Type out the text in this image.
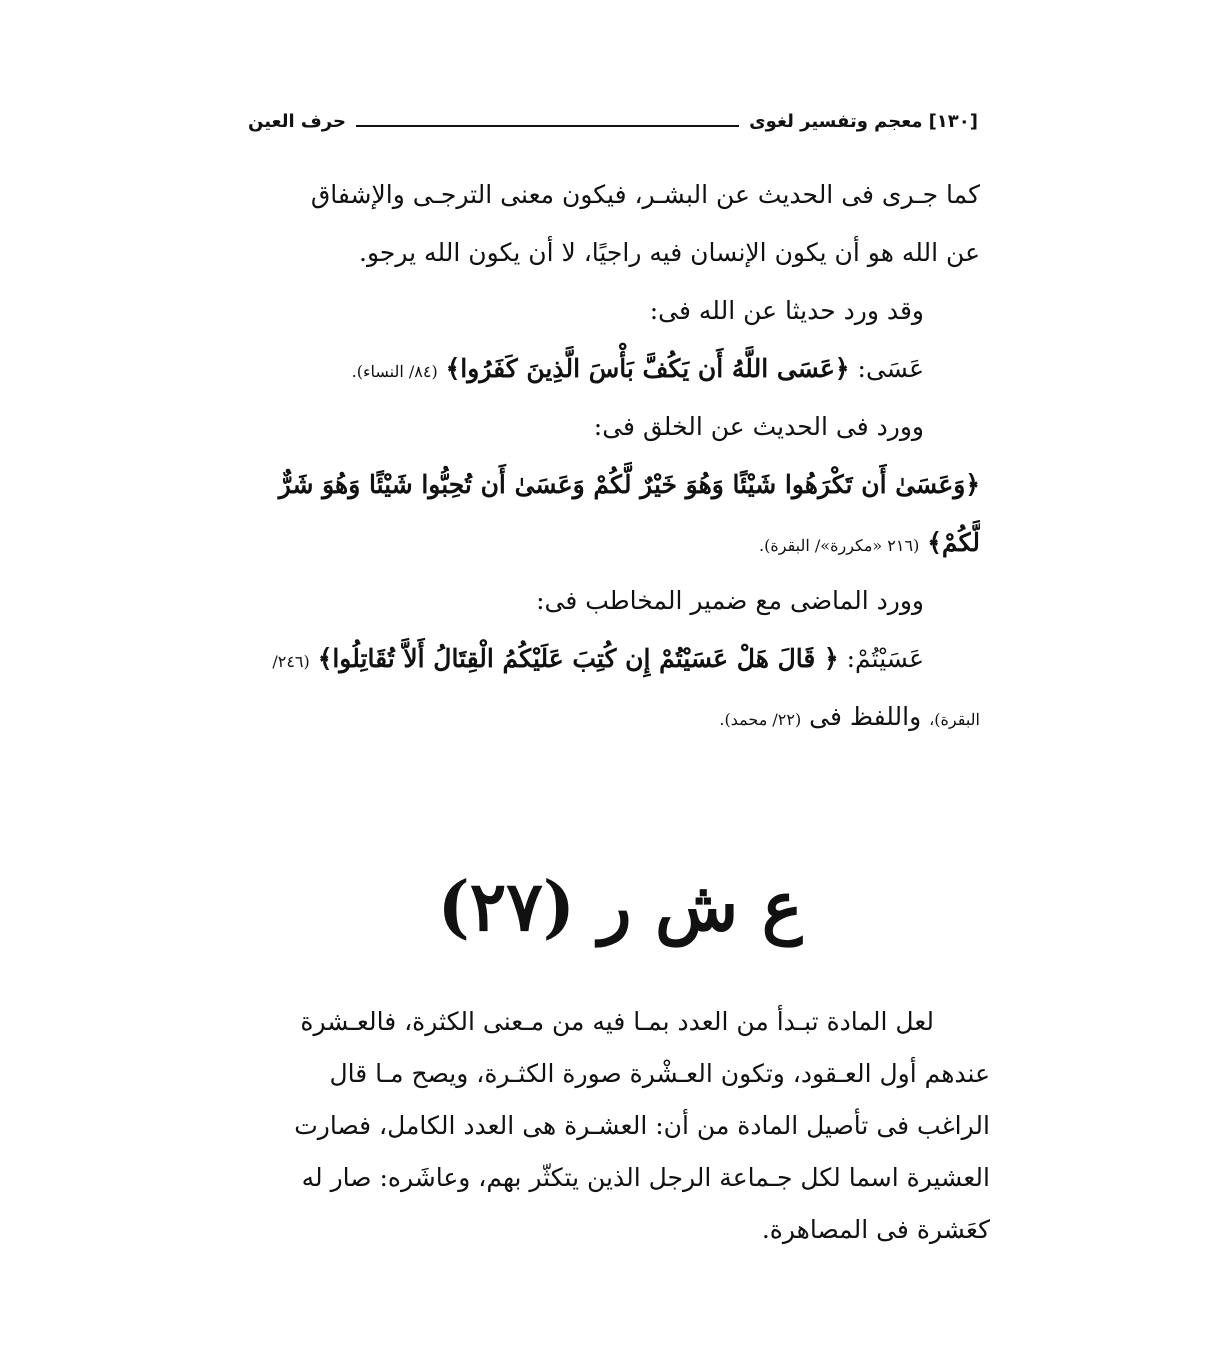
[١٣٠]
معجم وتفسير لغوى
حرف العين
كما جـرى فى الحديث عن البشـر، فيكون معنى الترجـى والإشفاق
عن الله هو أن يكون الإنسان فيه راجيًا، لا أن يكون الله يرجو.
وقد ورد حديثا عن الله فى:
عَسَى: ﴿عَسَى اللَّهُ أَن يَكُفَّ بَأْسَ الَّذِينَ كَفَرُوا﴾ (٨٤/ النساء).
وورد فى الحديث عن الخلق فى:
﴿وَعَسَىٰ أَن تَكْرَهُوا شَيْئًا وَهُوَ خَيْرٌ لَّكُمْ وَعَسَىٰ أَن تُحِبُّوا شَيْئًا وَهُوَ شَرٌّ
لَّكُمْ﴾ (٢١٦ «مكررة»/ البقرة).
وورد الماضى مع ضمير المخاطب فى:
عَسَيْتُمْ: ﴿ قَالَ هَلْ عَسَيْتُمْ إِن كُتِبَ عَلَيْكُمُ الْقِتَالُ أَلاَّ تُقَاتِلُوا﴾ (٢٤٦/
البقرة)، واللفظ فى (٢٢/ محمد).
ع ش ر (٢٧)
لعل المادة تبـدأ من العدد بمـا فيه من مـعنى الكثرة، فالعـشرة
عندهم أول العـقود، وتكون العـشْرة صورة الكثـرة، ويصح مـا قال
الراغب فى تأصيل المادة من أن: العشـرة هى العدد الكامل، فصارت
العشيرة اسما لكل جـماعة الرجل الذين يتكثّر بهم، وعاشَره: صار له
كعَشرة فى المصاهرة.
